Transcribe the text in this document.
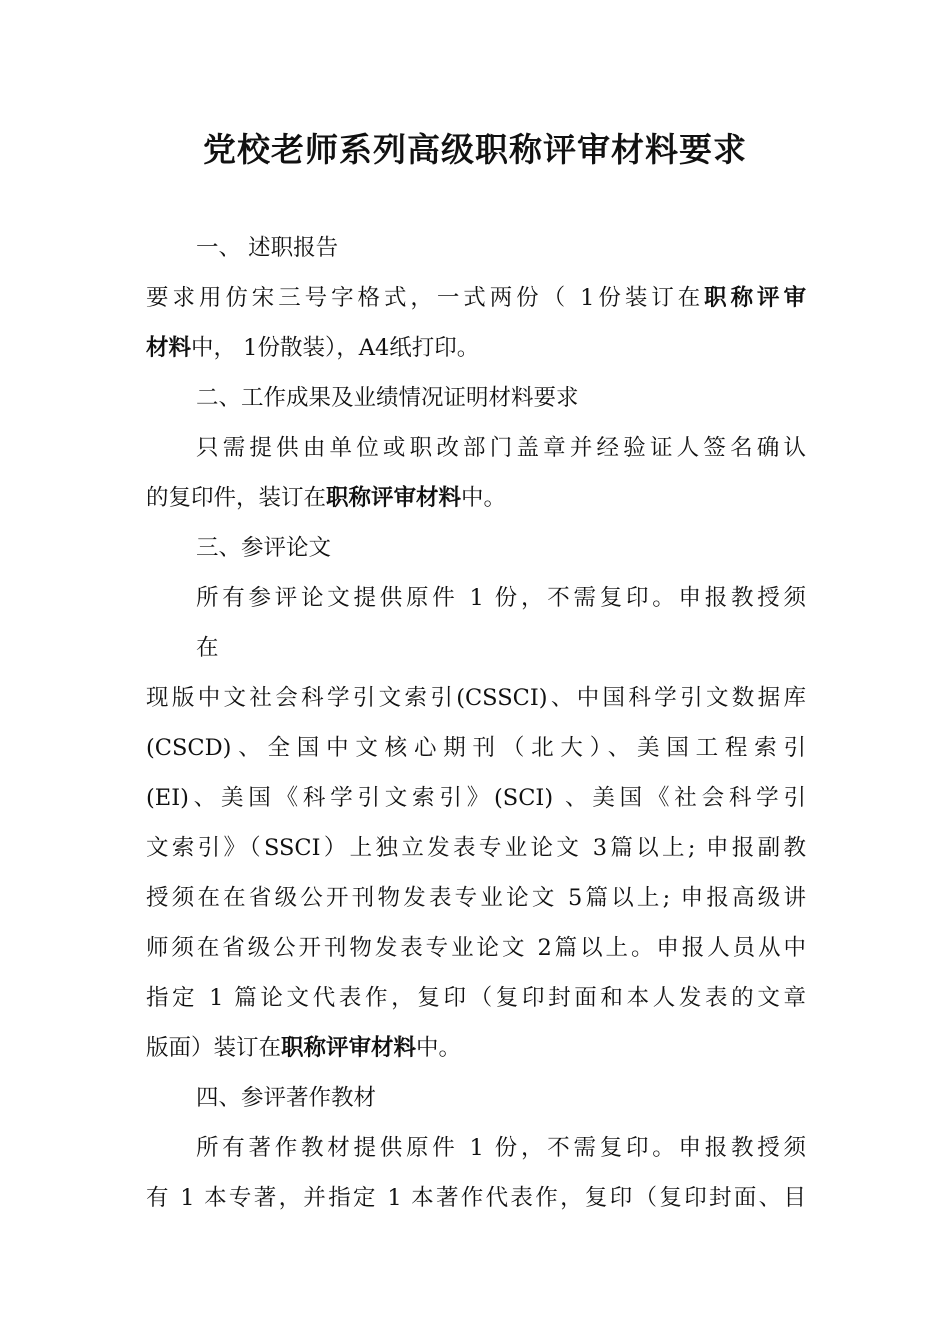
党校老师系列高级职称评审材料要求
一、 述职报告
要求用仿宋三号字格式，一式两份（ 1份装订在职称评审
材料中， 1份散装），A4纸打印。
二、工作成果及业绩情况证明材料要求
只需提供由单位或职改部门盖章并经验证人签名确认
的复印件，装订在职称评审材料中。
三、参评论文
所有参评论文提供原件 1 份，不需复印。申报教授须
在
现版中文社会科学引文索引(CSSCI)、中国科学引文数据库
(CSCD)、全国中文核心期刊（北大）、美国工程索引
(EI)、美国《科学引文索引》(SCI) 、美国《社会科学引
文索引》（SSCI）上独立发表专业论文 3篇以上; 申报副教
授须在在省级公开刊物发表专业论文 5篇以上; 申报高级讲
师须在省级公开刊物发表专业论文 2篇以上。申报人员从中
指定 1 篇论文代表作，复印（复印封面和本人发表的文章
版面）装订在职称评审材料中。
四、参评著作教材
所有著作教材提供原件 1 份，不需复印。申报教授须
有 1 本专著，并指定 1 本著作代表作，复印（复印封面、目
